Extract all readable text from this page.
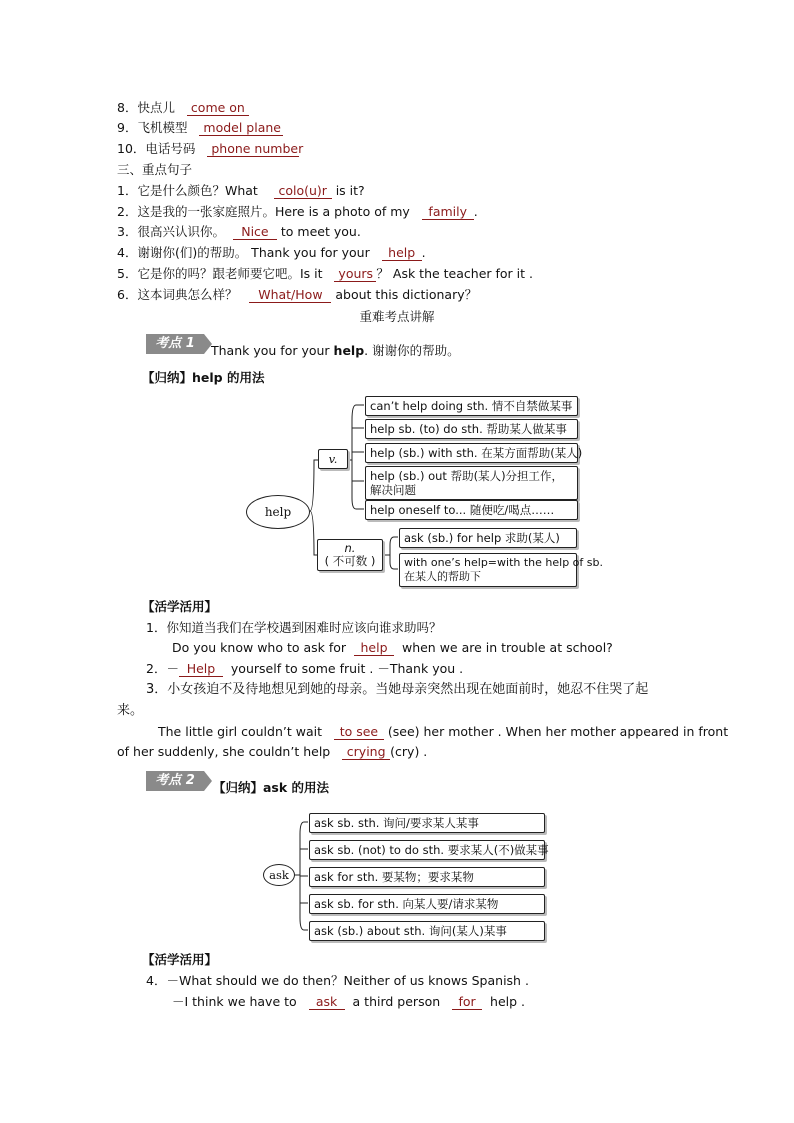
8．快点儿 come on
9．飞机模型 model plane
10．电话号码 phone number
三、重点句子
1．它是什么颜色？What colo(u)r is it?
2．这是我的一张家庭照片。Here is a photo of my family .
3．很高兴认识你。 Nice to meet you.
4．谢谢你(们)的帮助。 Thank you for your help .
5．它是你的吗？跟老师要它吧。Is it yours ？ Ask the teacher for it .
6．这本词典怎么样？ What/How about this dictionary？
重难考点讲解
考点 1	Thank you for your help. 谢谢你的帮助。
【归纳】help 的用法
help
v.
n.
( 不可数 )
can’t help doing sth. 情不自禁做某事
help sb. (to) do sth. 帮助某人做某事
help (sb.) with sth. 在某方面帮助(某人)
help (sb.) out 帮助(某人)分担工作，
解决问题
help oneself to... 随便吃/喝点……
ask (sb.) for help 求助(某人)
with one’s help=with the help of sb.
在某人的帮助下
【活学活用】
1．你知道当我们在学校遇到困难时应该向谁求助吗？
Do you know who to ask for help when we are in trouble at school?
2．－ Help yourself to some fruit . －Thank you .
3．小女孩迫不及待地想见到她的母亲。当她母亲突然出现在她面前时，她忍不住哭了起
来。
The little girl couldn’t wait to see (see) her mother . When her mother appeared in front
of her suddenly, she couldn’t help crying (cry) .
考点 2	【归纳】ask 的用法
ask
ask sb. sth. 询问/要求某人某事
ask sb. (not) to do sth. 要求某人(不)做某事
ask for sth. 要某物；要求某物
ask sb. for sth. 向某人要/请求某物
ask (sb.) about sth. 询问(某人)某事
【活学活用】
4．－What should we do then？Neither of us knows Spanish .
－I think we have to ask a third person for help .
